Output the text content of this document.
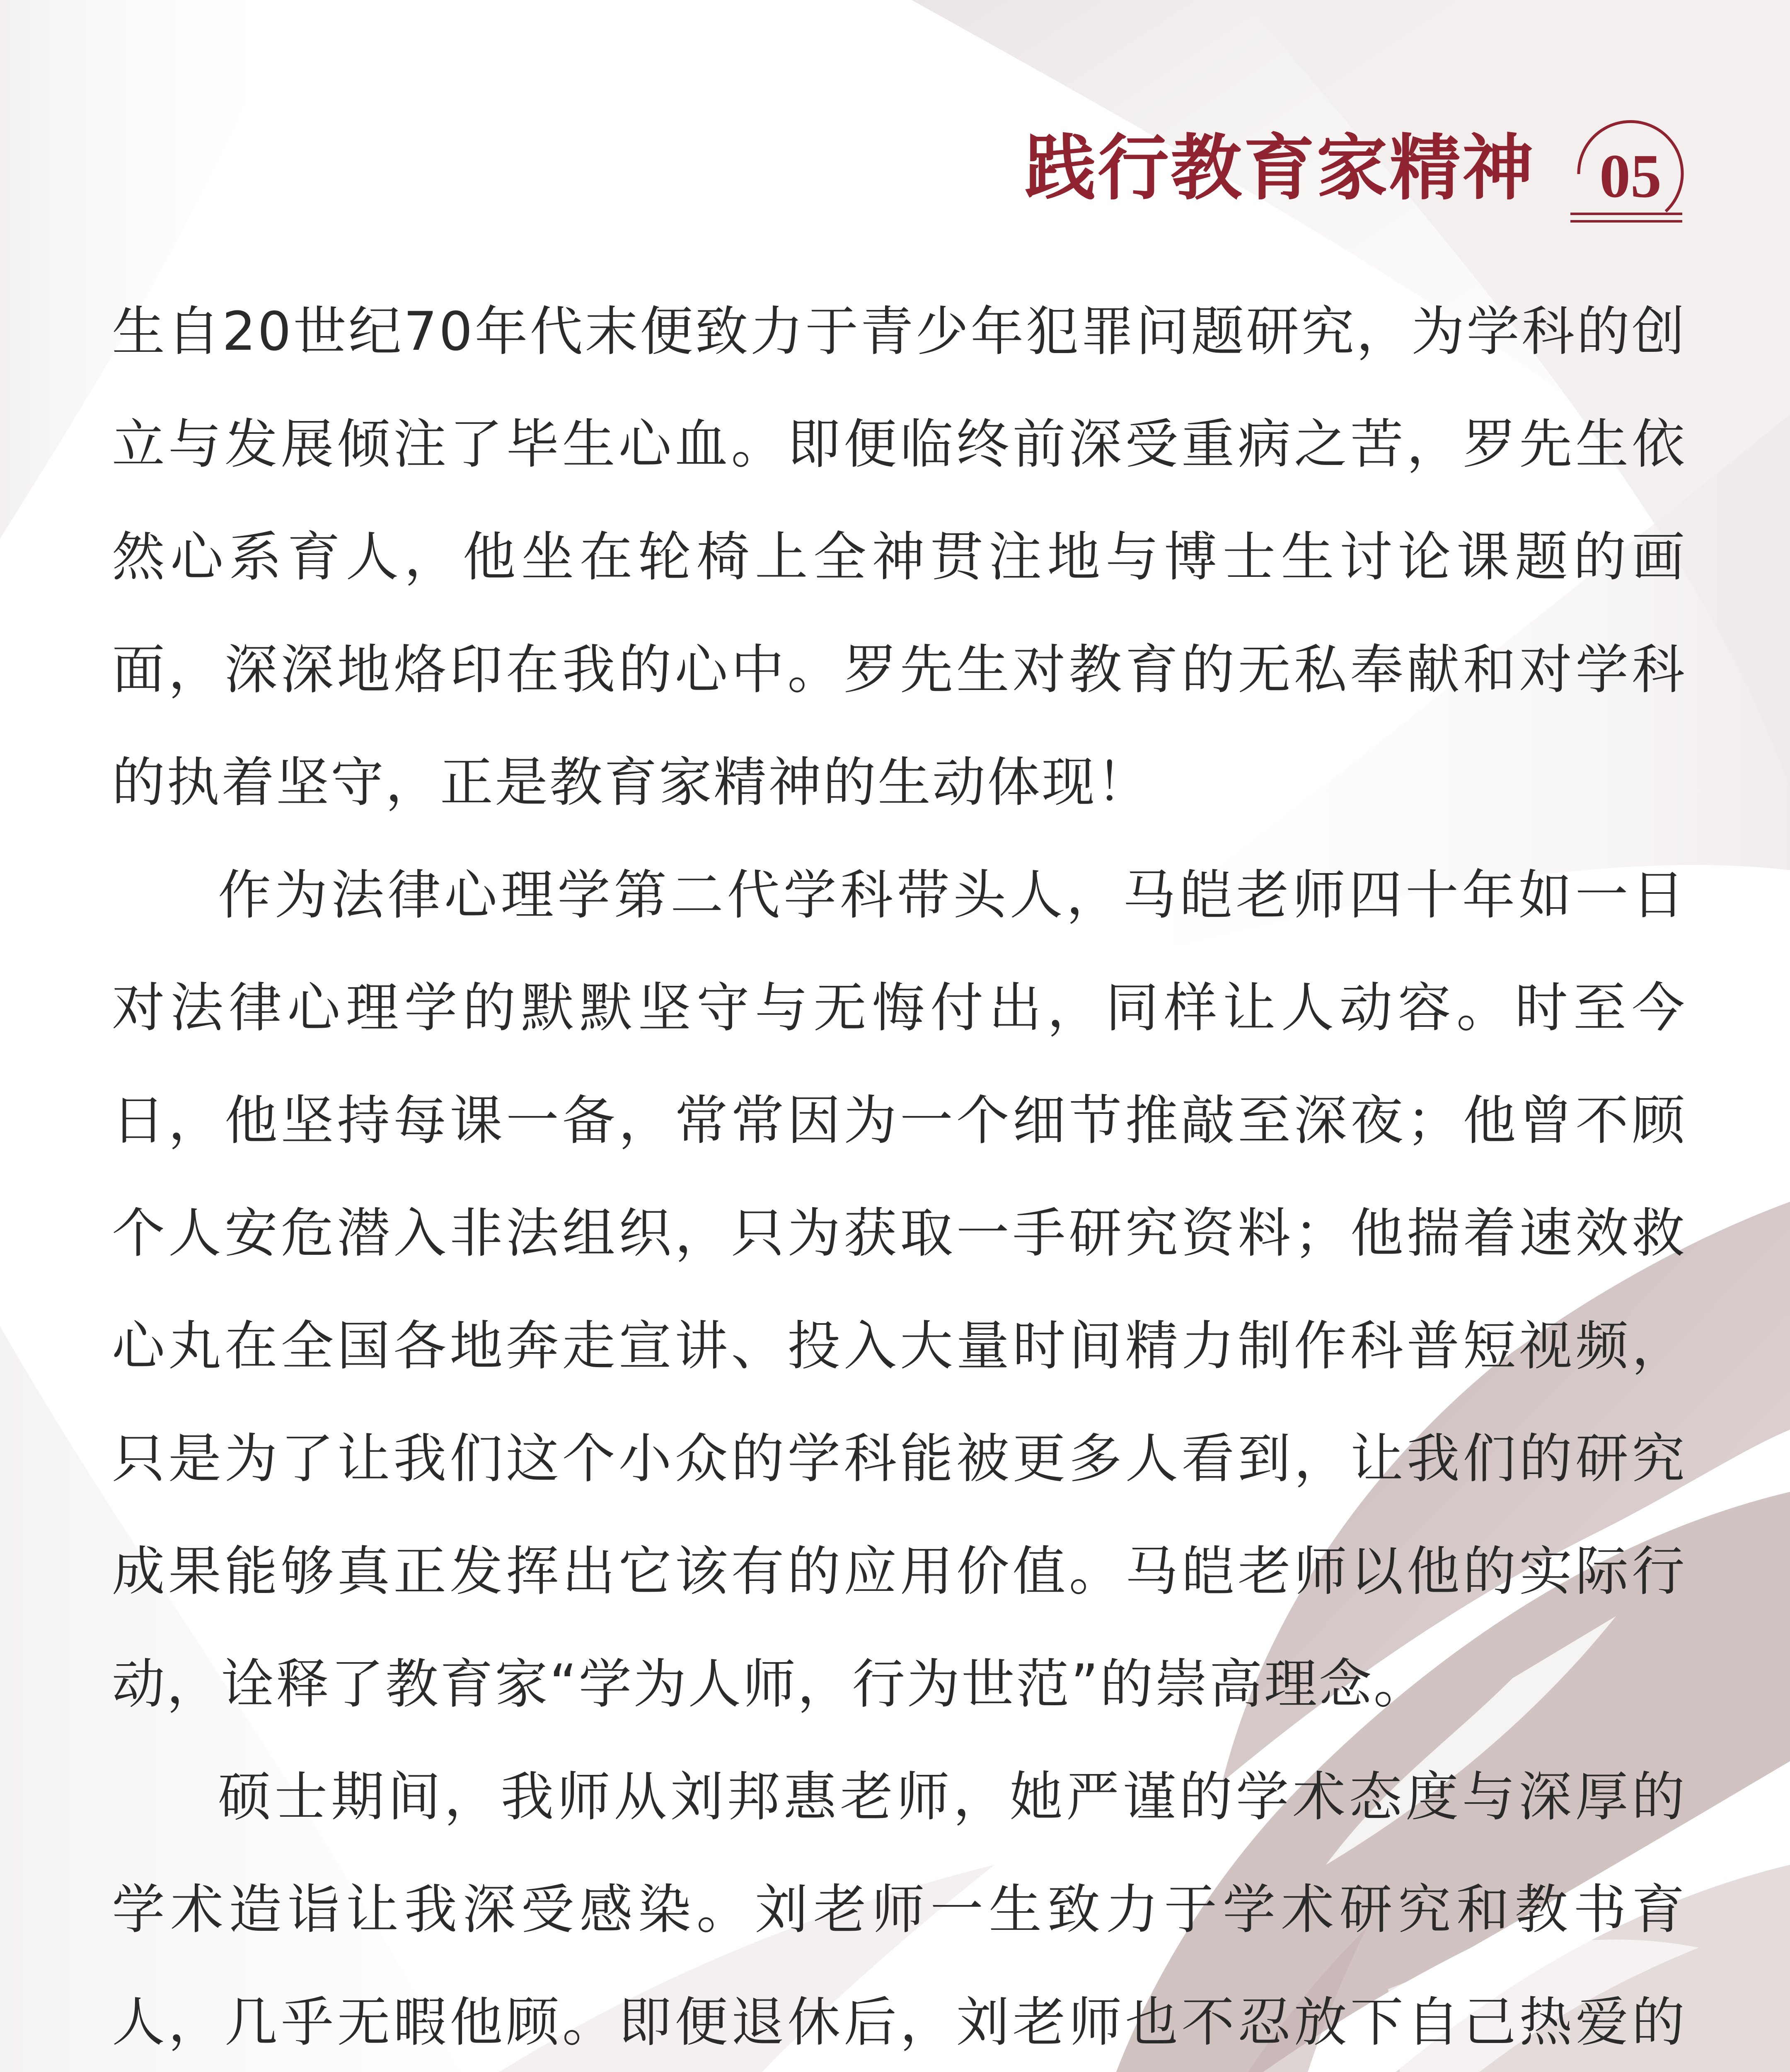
践行教育家精神 05

生自20世纪70年代末便致力于青少年犯罪问题研究，为学科的创立与发展倾注了毕生心血。即便临终前深受重病之苦，罗先生依然心系育人，他坐在轮椅上全神贯注地与博士生讨论课题的画面，深深地烙印在我的心中。罗先生对教育的无私奉献和对学科的执着坚守，正是教育家精神的生动体现！

作为法律心理学第二代学科带头人，马皑老师四十年如一日对法律心理学的默默坚守与无悔付出，同样让人动容。时至今日，他坚持每课一备，常常因为一个细节推敲至深夜；他曾不顾个人安危潜入非法组织，只为获取一手研究资料；他揣着速效救心丸在全国各地奔走宣讲、投入大量时间精力制作科普短视频，只是为了让我们这个小众的学科能被更多人看到，让我们的研究成果能够真正发挥出它该有的应用价值。马皑老师以他的实际行动，诠释了教育家“学为人师，行为世范”的崇高理念。

硕士期间，我师从刘邦惠老师，她严谨的学术态度与深厚的学术造诣让我深受感染。刘老师一生致力于学术研究和教书育人，几乎无暇他顾。即便退休后，刘老师也不忍放下自己热爱的
